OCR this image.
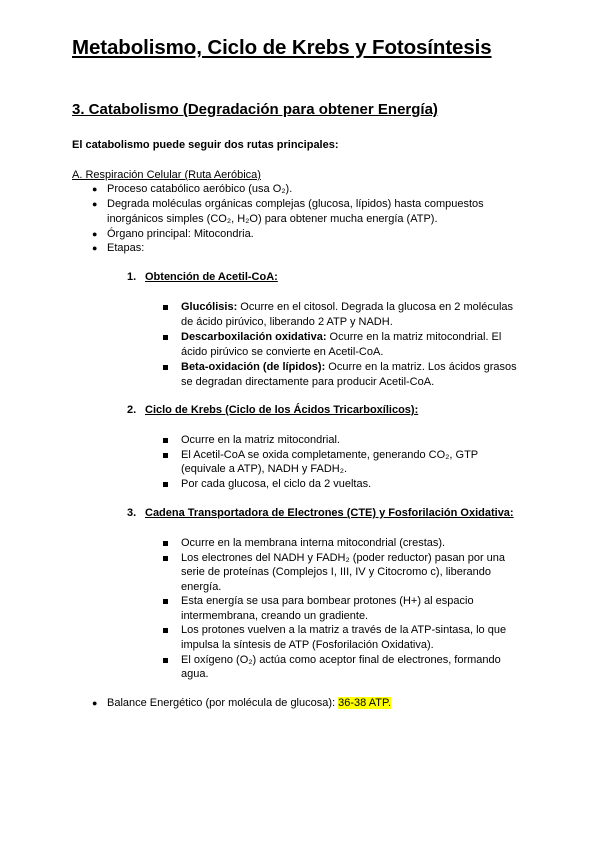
Metabolismo, Ciclo de Krebs y Fotosíntesis
3. Catabolismo (Degradación para obtener Energía)
El catabolismo puede seguir dos rutas principales:
A. Respiración Celular (Ruta Aeróbica)
● Proceso catabólico aeróbico (usa O₂).
● Degrada moléculas orgánicas complejas (glucosa, lípidos) hasta compuestos
inorgánicos simples (CO₂, H₂O) para obtener mucha energía (ATP).
● Órgano principal: Mitocondria.
● Etapas:
1. Obtención de Acetil-CoA:
Glucólisis: Ocurre en el citosol. Degrada la glucosa en 2 moléculas
de ácido pirúvico, liberando 2 ATP y NADH.
Descarboxilación oxidativa: Ocurre en la matriz mitocondrial. El
ácido pirúvico se convierte en Acetil-CoA.
Beta-oxidación (de lípidos): Ocurre en la matriz. Los ácidos grasos
se degradan directamente para producir Acetil-CoA.
2. Ciclo de Krebs (Ciclo de los Ácidos Tricarboxílicos):
Ocurre en la matriz mitocondrial.
El Acetil-CoA se oxida completamente, generando CO₂, GTP
(equivale a ATP), NADH y FADH₂.
Por cada glucosa, el ciclo da 2 vueltas.
3. Cadena Transportadora de Electrones (CTE) y Fosforilación Oxidativa:
Ocurre en la membrana interna mitocondrial (crestas).
Los electrones del NADH y FADH₂ (poder reductor) pasan por una
serie de proteínas (Complejos I, III, IV y Citocromo c), liberando
energía.
Esta energía se usa para bombear protones (H+) al espacio
intermembrana, creando un gradiente.
Los protones vuelven a la matriz a través de la ATP-sintasa, lo que
impulsa la síntesis de ATP (Fosforilación Oxidativa).
El oxígeno (O₂) actúa como aceptor final de electrones, formando
agua.
● Balance Energético (por molécula de glucosa): 36-38 ATP.
